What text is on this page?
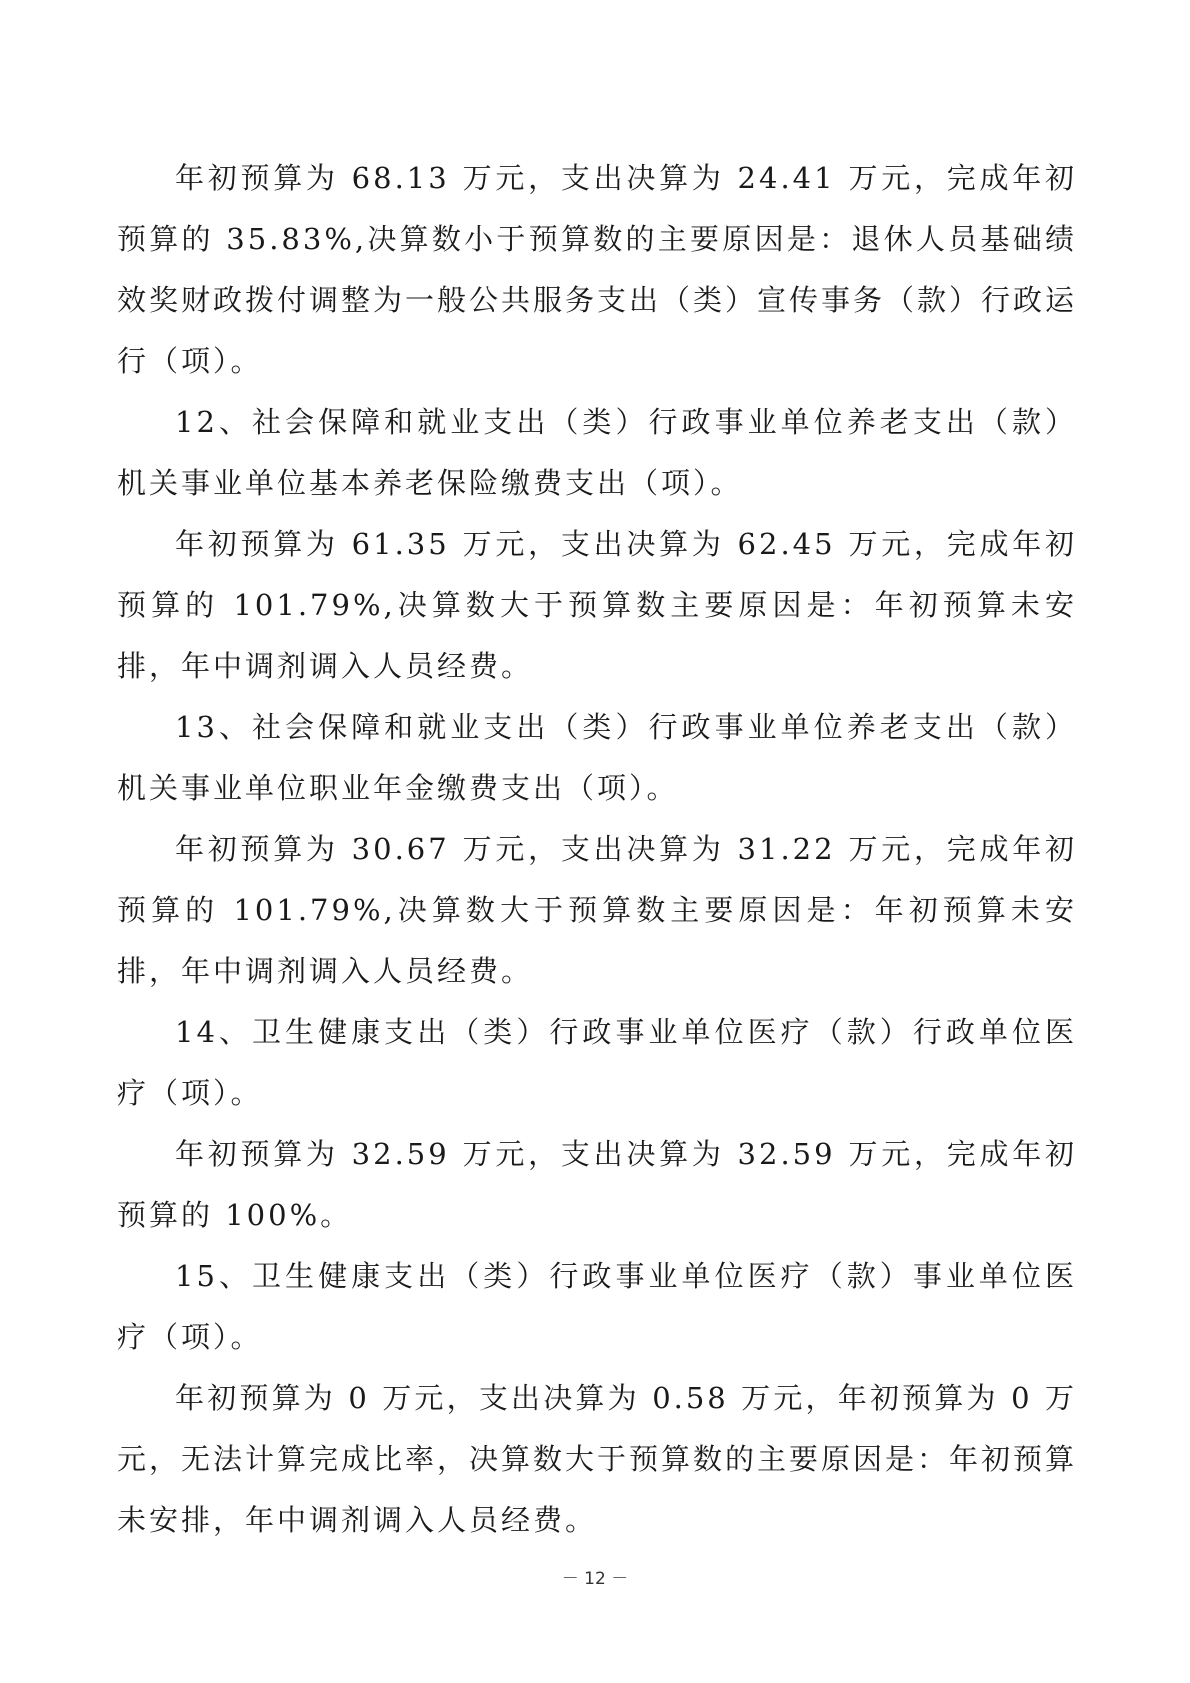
年初预算为 68.13 万元，支出决算为 24.41 万元，完成年初预算的 35.83%,决算数小于预算数的主要原因是：退休人员基础绩效奖财政拨付调整为一般公共服务支出（类）宣传事务（款）行政运行（项）。

12、社会保障和就业支出（类）行政事业单位养老支出（款）机关事业单位基本养老保险缴费支出（项）。

年初预算为 61.35 万元，支出决算为 62.45 万元，完成年初预算的 101.79%,决算数大于预算数主要原因是：年初预算未安排，年中调剂调入人员经费。

13、社会保障和就业支出（类）行政事业单位养老支出（款）机关事业单位职业年金缴费支出（项）。

年初预算为 30.67 万元，支出决算为 31.22 万元，完成年初预算的 101.79%,决算数大于预算数主要原因是：年初预算未安排，年中调剂调入人员经费。

14、卫生健康支出（类）行政事业单位医疗（款）行政单位医疗（项）。

年初预算为 32.59 万元，支出决算为 32.59 万元，完成年初预算的 100%。

15、卫生健康支出（类）行政事业单位医疗（款）事业单位医疗（项）。

年初预算为 0 万元，支出决算为 0.58 万元，年初预算为 0 万元，无法计算完成比率，决算数大于预算数的主要原因是：年初预算未安排，年中调剂调入人员经费。

－ 12 －
